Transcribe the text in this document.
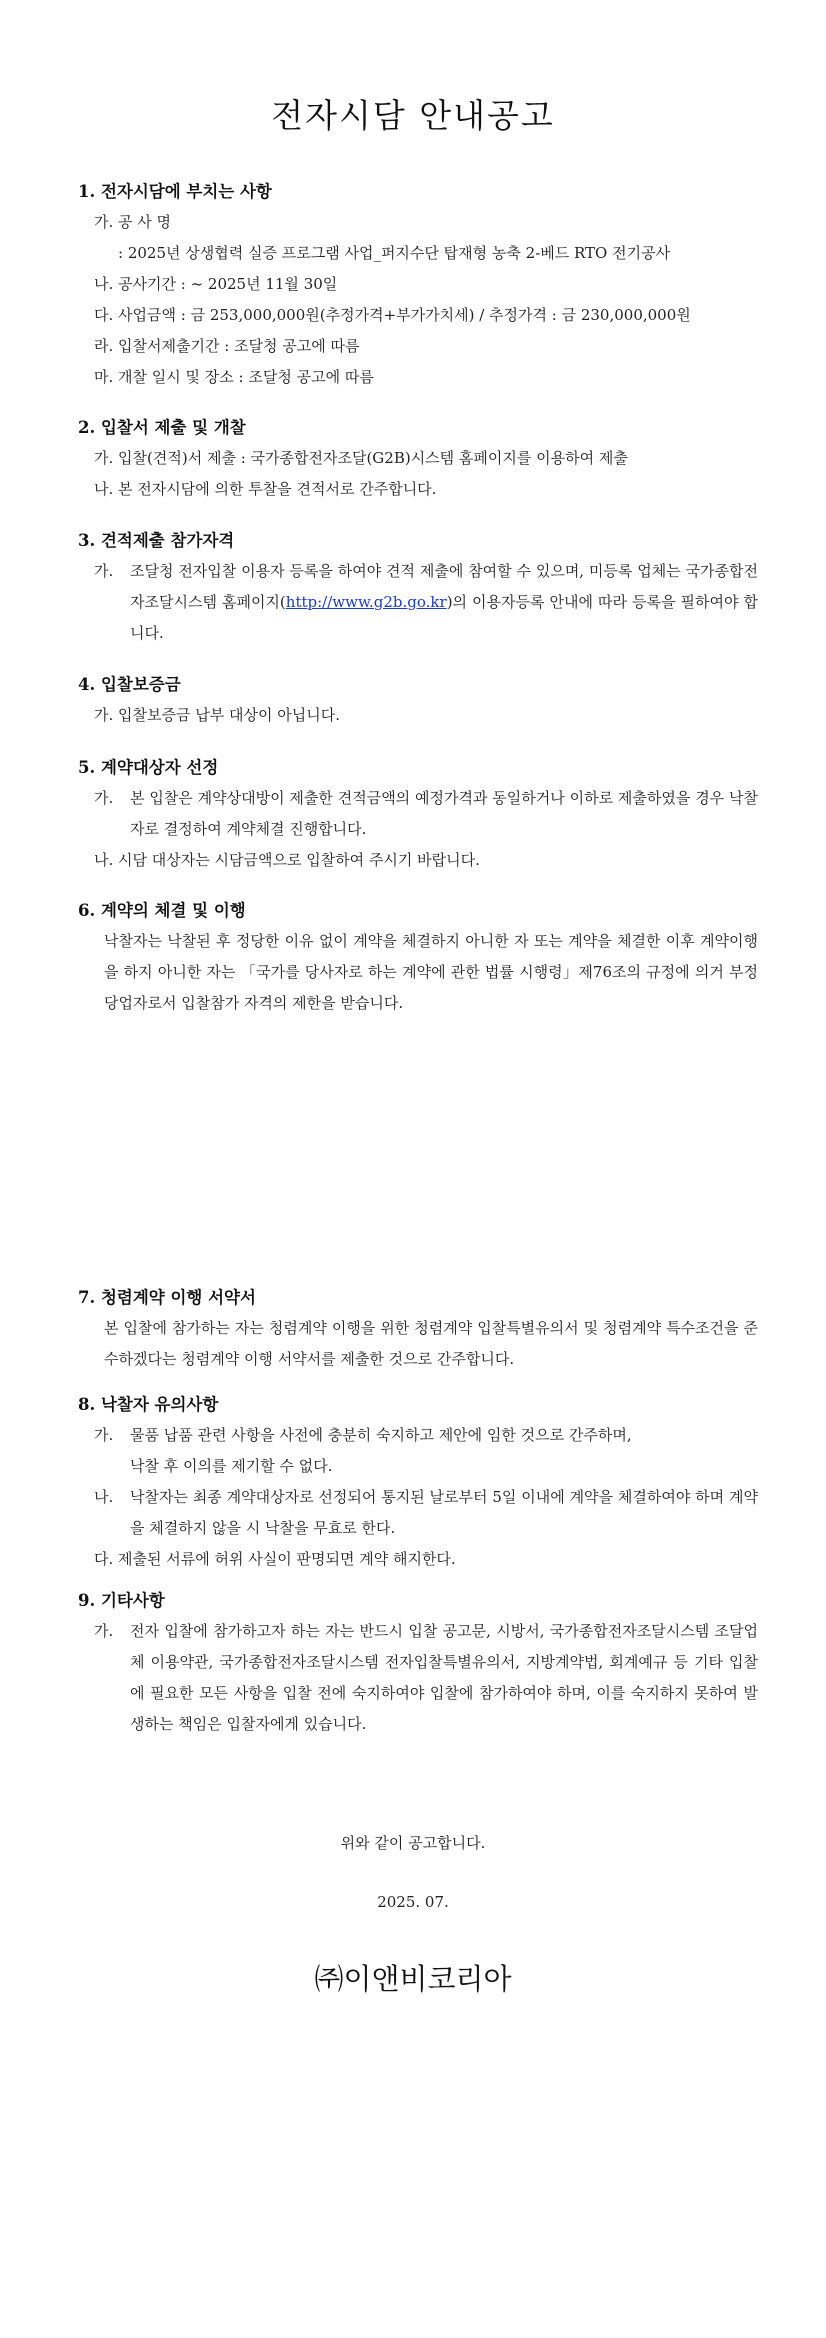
전자시담 안내공고

1. 전자시담에 부치는 사항

가. 공 사 명

: 2025년 상생협력 실증 프로그램 사업_퍼지수단 탑재형 농축 2-베드 RTO 전기공사

나. 공사기간 : ~ 2025년 11월 30일

다. 사업금액 : 금 253,000,000원(추정가격+부가가치세) / 추정가격 : 금 230,000,000원

라. 입찰서제출기간 : 조달청 공고에 따름

마. 개찰 일시 및 장소 : 조달청 공고에 따름

2. 입찰서 제출 및 개찰

가. 입찰(견적)서 제출 : 국가종합전자조달(G2B)시스템 홈페이지를 이용하여 제출

나. 본 전자시담에 의한 투찰을 견적서로 간주합니다.

3. 견적제출 참가자격

가. 조달청 전자입찰 이용자 등록을 하여야 견적 제출에 참여할 수 있으며, 미등록 업체는 국가종합전자조달시스템 홈페이지(http://www.g2b.go.kr)의 이용자등록 안내에 따라 등록을 필하여야 합니다.

4. 입찰보증금

가. 입찰보증금 납부 대상이 아닙니다.

5. 계약대상자 선정

가. 본 입찰은 계약상대방이 제출한 견적금액의 예정가격과 동일하거나 이하로 제출하였을 경우 낙찰자로 결정하여 계약체결 진행합니다.

나. 시담 대상자는 시담금액으로 입찰하여 주시기 바랍니다.

6. 계약의 체결 및 이행

낙찰자는 낙찰된 후 정당한 이유 없이 계약을 체결하지 아니한 자 또는 계약을 체결한 이후 계약이행을 하지 아니한 자는 「국가를 당사자로 하는 계약에 관한 법률 시행령」제76조의 규정에 의거 부정당업자로서 입찰참가 자격의 제한을 받습니다.

7. 청렴계약 이행 서약서

본 입찰에 참가하는 자는 청렴계약 이행을 위한 청렴계약 입찰특별유의서 및 청렴계약 특수조건을 준수하겠다는 청렴계약 이행 서약서를 제출한 것으로 간주합니다.

8. 낙찰자 유의사항

가. 물품 납품 관련 사항을 사전에 충분히 숙지하고 제안에 임한 것으로 간주하며,
낙찰 후 이의를 제기할 수 없다.

나. 낙찰자는 최종 계약대상자로 선정되어 통지된 날로부터 5일 이내에 계약을 체결하여야 하며 계약을 체결하지 않을 시 낙찰을 무효로 한다.

다. 제출된 서류에 허위 사실이 판명되면 계약 해지한다.

9. 기타사항

가. 전자 입찰에 참가하고자 하는 자는 반드시 입찰 공고문, 시방서, 국가종합전자조달시스템 조달업체 이용약관, 국가종합전자조달시스템 전자입찰특별유의서, 지방계약법, 회계예규 등 기타 입찰에 필요한 모든 사항을 입찰 전에 숙지하여야 입찰에 참가하여야 하며, 이를 숙지하지 못하여 발생하는 책임은 입찰자에게 있습니다.

위와 같이 공고합니다.
2025. 07.
㈜이앤비코리아
